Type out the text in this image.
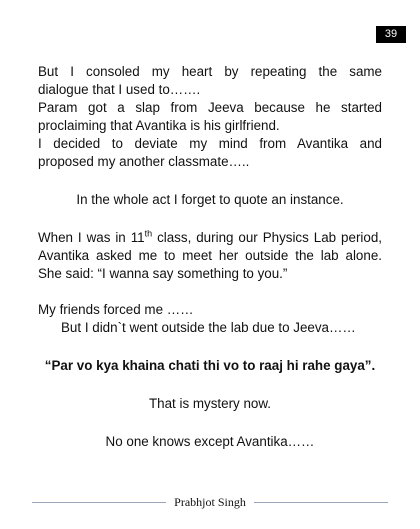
39

But I consoled my heart by repeating the same

dialogue that I used to…….

Param got a slap from Jeeva because he started

proclaiming that Avantika is his girlfriend.

I decided to deviate my mind from Avantika and

proposed my another classmate…..

In the whole act I forget to quote an instance.

When I was in 11th class, during our Physics Lab period,

Avantika asked me to meet her outside the lab alone.

She said: “I wanna say something to you.”

My friends forced me ……

But I didn`t went outside the lab due to Jeeva……

“Par vo kya khaina chati thi vo to raaj hi rahe gaya”.

That is mystery now.

No one knows except Avantika……

Prabhjot Singh
